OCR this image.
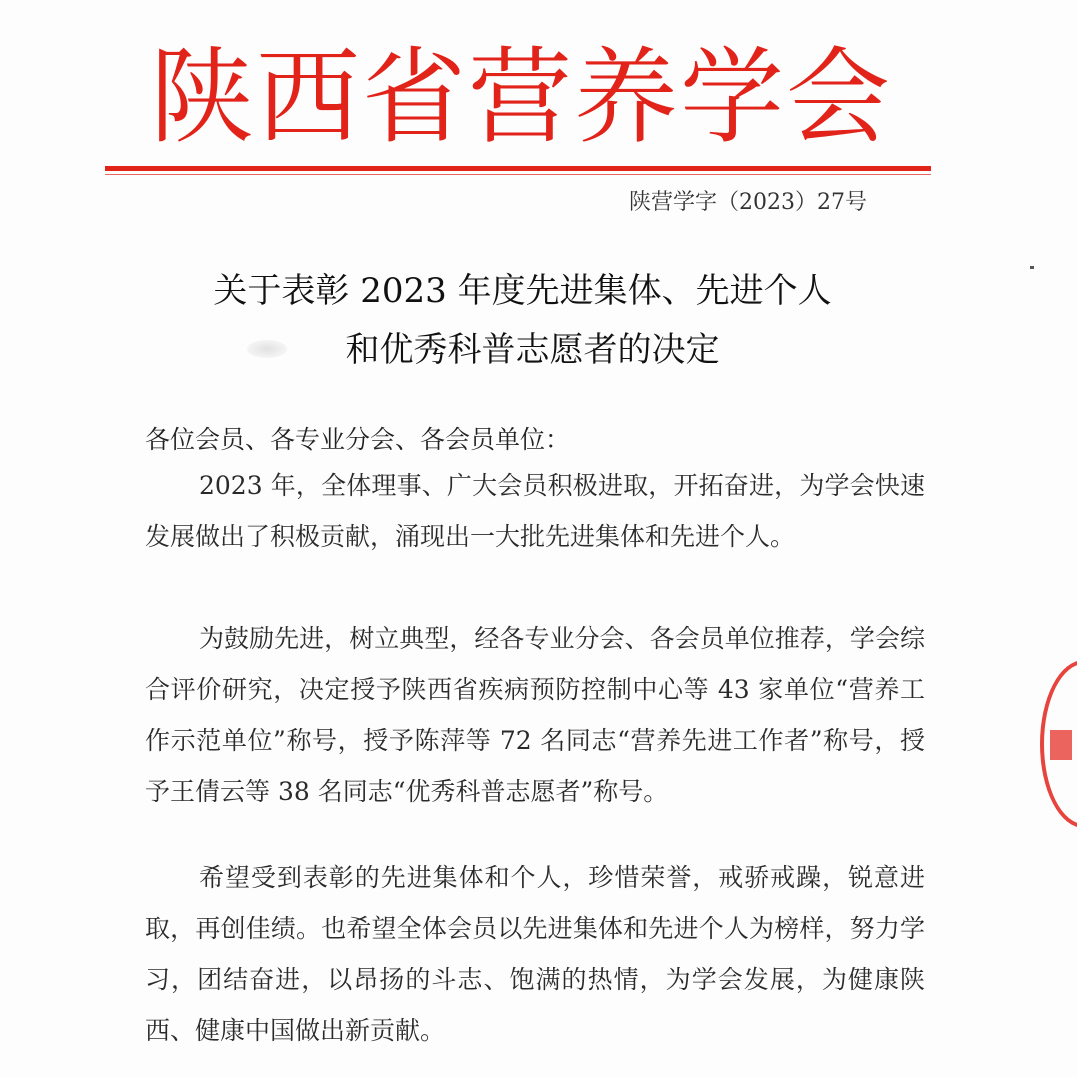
陕西省营养学会
陕营学字（2023）27号
关于表彰 2023 年度先进集体、先进个人
和优秀科普志愿者的决定
各位会员、各专业分会、各会员单位：

2023 年，全体理事、广大会员积极进取，开拓奋进，为学会快速发展做出了积极贡献，涌现出一大批先进集体和先进个人。

为鼓励先进，树立典型，经各专业分会、各会员单位推荐，学会综合评价研究，决定授予陕西省疾病预防控制中心等 43 家单位“营养工作示范单位”称号，授予陈萍等 72 名同志“营养先进工作者”称号，授予王倩云等 38 名同志“优秀科普志愿者”称号。

希望受到表彰的先进集体和个人，珍惜荣誉，戒骄戒躁，锐意进取，再创佳绩。也希望全体会员以先进集体和先进个人为榜样，努力学习，团结奋进，以昂扬的斗志、饱满的热情，为学会发展，为健康陕西、健康中国做出新贡献。
